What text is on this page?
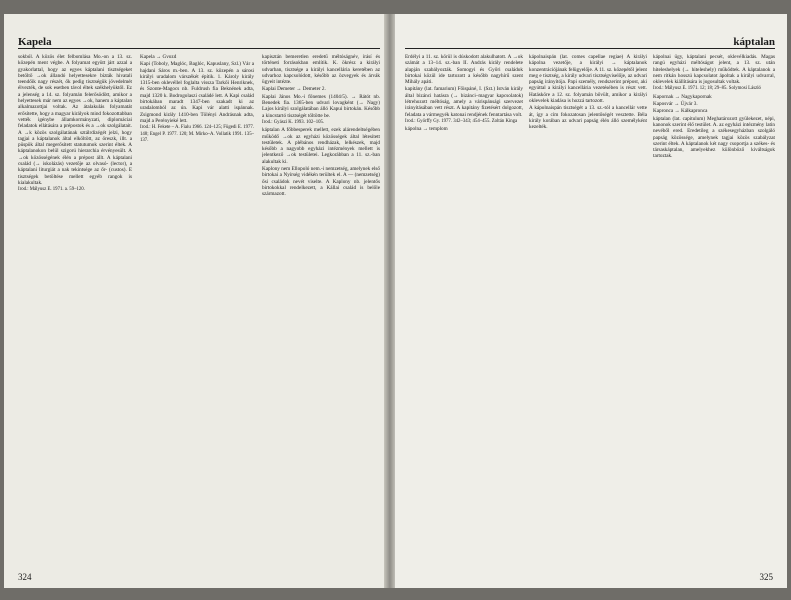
Kapela

sokból. A közös élet felbomlása Mo.-on a 13. sz. közepén ment végbe. A folyamat együtt járt azzal a gyakorlattal, hogy az egyes káptalani tisztségeket betöltő →ok állandó helyettesekre bízták hivatali teendőik nagy részét, ők pedig tisztségük jövedelmét élvezték, de sok esetben távol éltek székhelyüktől. Ez a jelenség a 14. sz. folyamán felerősödött, amikor a helyettesek már nem az egyes →ok, hanem a káptalan alkalmazottjai voltak. Az átalakulás folyamatát erősítette, hogy a magyar királyok mind fokozottabban vették igénybe államkormányzati, diplomáciai feladatok ellátására a prépostok és a →ok szolgálatait. A →k közös szolgálatának sztálrdizégét jelzi, hogy tagjai a káptalanok által elköltött, az öreszk, illt. a püspök által megerősített statutumok szerint éltek. A káptalanokon belül szigorú hierarchia érvényesült. A →ok közösségének élén a prépost állt. A káptalani család (→ iskolázás) vezetője az olvasó- (lector), a káptalani liturgiát a nak tekintsége az őr- (custos). E tisztségek betöltése mellett egyéb rangok is kialakultak.

Irod.: Mályusz E. 1971. a. 59–120.

Kapela → Gvozd

Kapi (Toboly, Maglóc, Baglóc, Kapuslany, Szl.) Vár a hajdani Sáros m.-ben. A 13. sz. közepén a sárosi királyi uradalom várszékét építik. 1. Károly király 1315-ben oklevéllel foglalta vissza Tarkői Henriknek, és Szonte-Magocs nb. Fuldrush fia Beknének adta, majd 1320 k. Bodrogolaszi családé lett. A Kapi család birtokában maradt 1347-ben szakadt ki az uradalomból az ún. Kapi vár alatti ispánnak. Zsigmond király 1410-ben Tölényi Andrásnak adta, majd a Perényieké lett.

Irod.: H. Fekete – A. Fialu 1966. 124–125; Fügedi E. 1977. 148; Engel P. 1977. 120; M. Mirko–A. Vollatik 1991. 135–137.

kapisztán bemeretlen eredetű méltóságnév, írásí és történeti forrásokban említik. K. ökrész a királyi udvarban, tisztsége a királyi kancellária keretében az udvarhoz kapcsolódott, később az özvegyek és árvák ügyeit intézte.

Kaplai Demeter → Demeter 2.

Kaplai János Mo.-i főnemes (1404/5). → Rátót nb. Benedek fia. 1365-ben udvari lovagként (→ Nagy) Lajos királyi szolgálatában álló Kapui birtokán. Később a kincstartó tisztségét töltötte be.

Irod.: Gyászi K. 1993. 102–105.

káptalan A főbbesperek mellett, ezek alárendeltségében működő →ok az egyházi közösségek által létesített testületek. A plébános rendházak, lelkészek, majd később a nagyobb egyházi intézmények mellett is jelentkező →ok testületei. Legkorábban a 11. sz.-ban alakultak ki.

Kaplony nem Ellopoló nem.-i nemzetség, amelynek első birtokai a Nyírség vidékén terültek el. A — (nemzetség) ősi családok nevét viselte. A Kaplony nb. jelentős birtokokkal rendelkezett, a Kállai család is belőle származott.

324
káptalan

Erdélyi a 11. sz. körül is dúskodott alakulhatott. A →ok számát a 13–14. sz.-ban II. András király rendelete alapján szabályozták. Somogyi és Győri családok birtokai közül ide tartozott a később nagyhírű szent Mihály apáti.

kapitány (lat. famarium) Főispáné, I. (Szt.) István király által bizánci hatásra (→ bizánci–magyar kapcsolatok) létrehozott méltóság, amely a várispánsági szervezet irányításában vett részt. A kapitány fizetésért dolgozott, feladata a vármegyék katonai rendjének fenntartása volt.

Irod.: Györffy Gy. 1977. 342–343; 454–455. Zoltán Kinga

kápolna → templom

kápolnaispán (lat. comes capellae regiae) A királyi kápolna vezetője, a királyi → káptalanok konzentrációjának felügyelője. A 11. sz. közepétől jelent meg e tisztség, a király udvari tisztségviselője, az udvari papság irányítója. Papi személy, rendszerint prépost, aki egyúttal a királyi kancellária vezetésében is részt vett. Hatásköre a 12. sz. folyamán bővült, amikor a királyi oklevelek kiadása is hozzá tartozott.

A kápolnaispán tisztségét a 13. sz.-tól a kancellár vette át, így a cím fokozatosan jelentőségét vesztette. Béla király korában az udvari papság élén álló személyként kezelték.

kápolnai ügy, káptalani pecsét, oklevélkiadás. Magas rangú egyházi méltóságot jelent, a 13. sz. után hiteleshelyek (→ hiteleshely) működtek. A káptalanok a nem ritkán hosszú kapcsolatot ápoltak a királyi udvarral, oklevelek kiállítására is jogosultak voltak.

Irod.: Mályusz E. 1971. 12; 18; 29–85. Solymosi László

Kapornak → Nagykapornak

Kaposvár → Újvár 3.

Kapronca → Kálkapronca

káptalan (lat. capitulum) Meghatározott gyülekezet, népi, kanonok szerint élő testület. A. az egyházi intézmény latin nevéből ered. Eredetileg a székesegyházban szolgáló papság közössége, amelynek tagjai közös szabályzat szerint éltek. A káptalanok két nagy csoportja a székes- és társaskáptalan, amelyekhez különböző kiváltságok tartoztak.

325
